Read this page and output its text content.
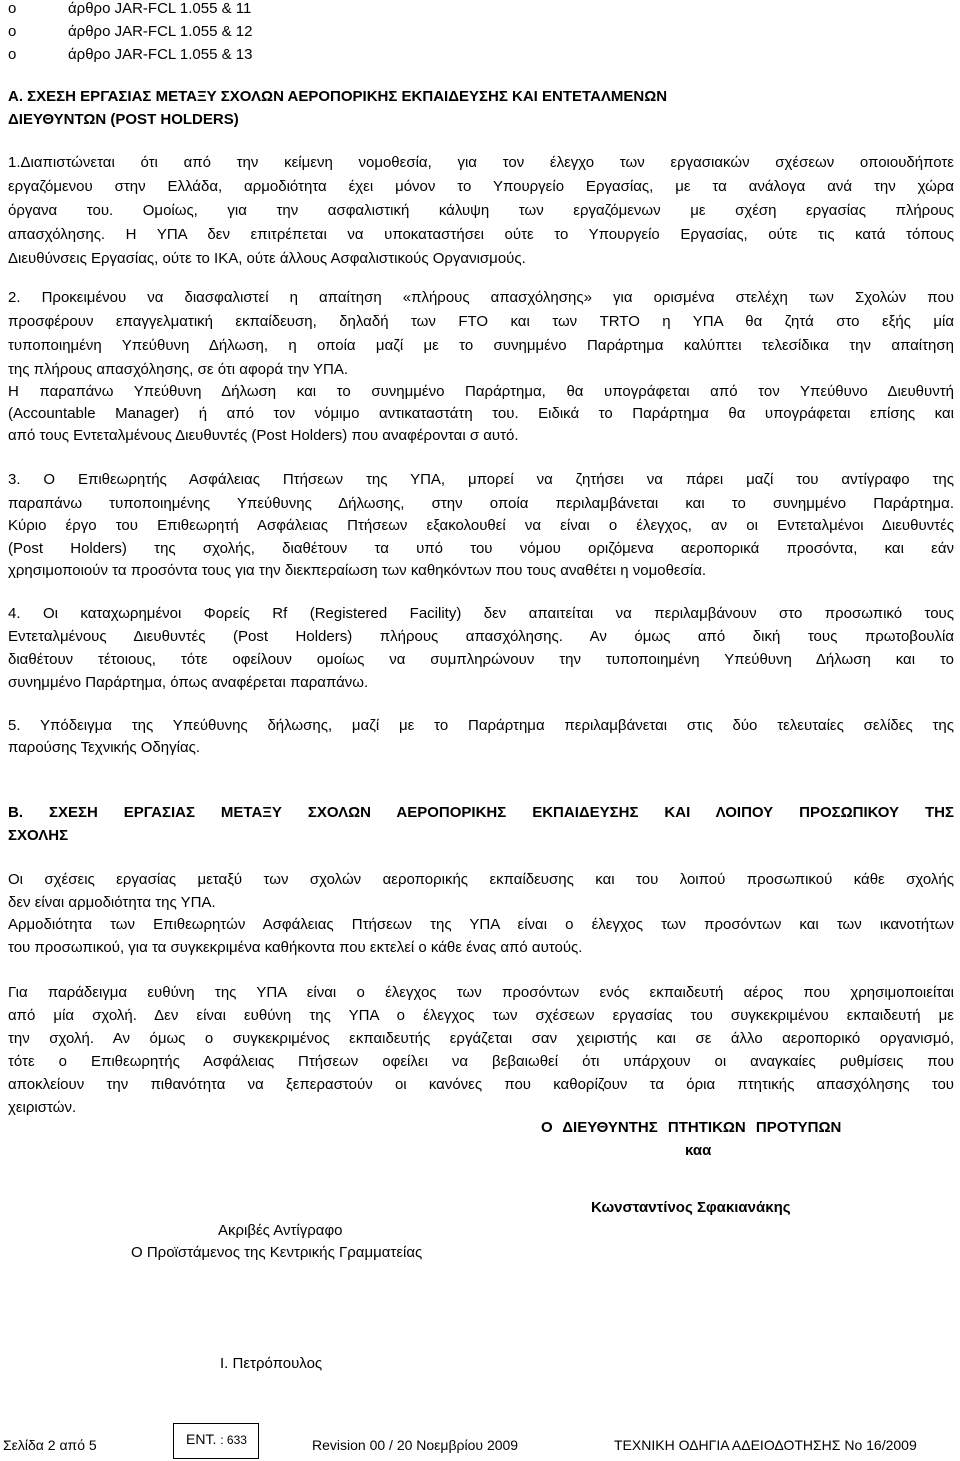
o	άρθρο JAR-FCL 1.055 & 11
o	άρθρο JAR-FCL 1.055 & 12
o	άρθρο JAR-FCL 1.055 & 13
Α. ΣΧΕΣΗ ΕΡΓΑΣΙΑΣ ΜΕΤΑΞΥ ΣΧΟΛΩΝ ΑΕΡΟΠΟΡΙΚΗΣ ΕΚΠΑΙΔΕΥΣΗΣ ΚΑΙ ΕΝΤΕΤΑΛΜΕΝΩΝ
ΔΙΕΥΘΥΝΤΩΝ (POST HOLDERS)
1.Διαπιστώνεται ότι από την κείμενη νομοθεσία, για τον έλεγχο των εργασιακών σχέσεων οποιουδήποτε
εργαζόμενου στην Ελλάδα, αρμοδιότητα έχει μόνον το Υπουργείο Εργασίας, με τα ανάλογα ανά την χώρα
όργανα του. Ομοίως, για την ασφαλιστική κάλυψη των εργαζόμενων με σχέση εργασίας πλήρους
απασχόλησης. Η ΥΠΑ δεν επιτρέπεται να υποκαταστήσει ούτε το Υπουργείο Εργασίας, ούτε τις κατά τόπους
Διευθύνσεις Εργασίας, ούτε το ΙΚΑ, ούτε άλλους Ασφαλιστικούς Οργανισμούς.
2. Προκειμένου να διασφαλιστεί η απαίτηση «πλήρους απασχόλησης» για ορισμένα στελέχη των Σχολών που
προσφέρουν επαγγελματική εκπαίδευση, δηλαδή των FTO και των TRTO η ΥΠΑ θα ζητά στο εξής μία
τυποποιημένη Υπεύθυνη Δήλωση, η οποία μαζί με το συνημμένο Παράρτημα καλύπτει τελεσίδικα την απαίτηση
της πλήρους απασχόλησης, σε ότι αφορά την ΥΠΑ.
Η παραπάνω Υπεύθυνη Δήλωση και το συνημμένο Παράρτημα, θα υπογράφεται από τον Υπεύθυνο Διευθυντή
(Accountable Manager) ή από τον νόμιμο αντικαταστάτη του. Ειδικά το Παράρτημα θα υπογράφεται επίσης και
από τους Εντεταλμένους Διευθυντές (Post Holders) που αναφέρονται σ αυτό.
3. Ο Επιθεωρητής Ασφάλειας Πτήσεων της ΥΠΑ, μπορεί να ζητήσει να πάρει μαζί του αντίγραφο της
παραπάνω τυποποιημένης Υπεύθυνης Δήλωσης, στην οποία περιλαμβάνεται και το συνημμένο Παράρτημα.
Κύριο έργο του Επιθεωρητή Ασφάλειας Πτήσεων εξακολουθεί να είναι ο έλεγχος, αν οι Εντεταλμένοι Διευθυντές
(Post Holders) της σχολής, διαθέτουν τα υπό του νόμου οριζόμενα αεροπορικά προσόντα, και εάν
χρησιμοποιούν τα προσόντα τους για την διεκπεραίωση των καθηκόντων που τους αναθέτει η νομοθεσία.
4. Οι καταχωρημένοι Φορείς Rf (Registered Facility) δεν απαιτείται να περιλαμβάνουν στο προσωπικό τους
Εντεταλμένους Διευθυντές (Post Holders) πλήρους απασχόλησης. Αν όμως από δική τους πρωτοβουλία
διαθέτουν τέτοιους, τότε οφείλουν ομοίως να συμπληρώνουν την τυποποιημένη Υπεύθυνη Δήλωση και το
συνημμένο Παράρτημα, όπως αναφέρεται παραπάνω.
5. Υπόδειγμα της Υπεύθυνης δήλωσης, μαζί με το Παράρτημα περιλαμβάνεται στις δύο τελευταίες σελίδες της
παρούσης Τεχνικής Οδηγίας.
Β. ΣΧΕΣΗ ΕΡΓΑΣΙΑΣ ΜΕΤΑΞΥ ΣΧΟΛΩΝ ΑΕΡΟΠΟΡΙΚΗΣ ΕΚΠΑΙΔΕΥΣΗΣ ΚΑΙ ΛΟΙΠΟΥ ΠΡΟΣΩΠΙΚΟΥ ΤΗΣ
ΣΧΟΛΗΣ
Οι σχέσεις εργασίας μεταξύ των σχολών αεροπορικής εκπαίδευσης και του λοιπού προσωπικού κάθε σχολής
δεν είναι αρμοδιότητα της ΥΠΑ.
Αρμοδιότητα των Επιθεωρητών Ασφάλειας Πτήσεων της ΥΠΑ είναι ο έλεγχος των προσόντων και των ικανοτήτων
του προσωπικού, για τα συγκεκριμένα καθήκοντα που εκτελεί ο κάθε ένας από αυτούς.
Για παράδειγμα ευθύνη της ΥΠΑ είναι ο έλεγχος των προσόντων ενός εκπαιδευτή αέρος που χρησιμοποιείται
από μία σχολή. Δεν είναι ευθύνη της ΥΠΑ ο έλεγχος των σχέσεων εργασίας του συγκεκριμένου εκπαιδευτή με
την σχολή. Αν όμως ο συγκεκριμένος εκπαιδευτής εργάζεται σαν χειριστής και σε άλλο αεροπορικό οργανισμό,
τότε ο Επιθεωρητής Ασφάλειας Πτήσεων οφείλει να βεβαιωθεί ότι υπάρχουν οι αναγκαίες ρυθμίσεις που
αποκλείουν την πιθανότητα να ξεπεραστούν οι κανόνες που καθορίζουν τα όρια πτητικής απασχόλησης του
χειριστών.
Ο ΔΙΕΥΘΥΝΤΗΣ ΠΤΗΤΙΚΩΝ ΠΡΟΤΥΠΩΝ
καα
Κωνσταντίνος Σφακιανάκης
Ακριβές Αντίγραφο
Ο Προϊστάμενος της Κεντρικής Γραμματείας
Ι. Πετρόπουλος
Σελίδα 2 από 5	ΕΝΤ. : 633	Revision 00 / 20 Νοεμβρίου 2009	ΤΕΧΝΙΚΗ ΟΔΗΓΙΑ ΑΔΕΙΟΔΟΤΗΣΗΣ No 16/2009
